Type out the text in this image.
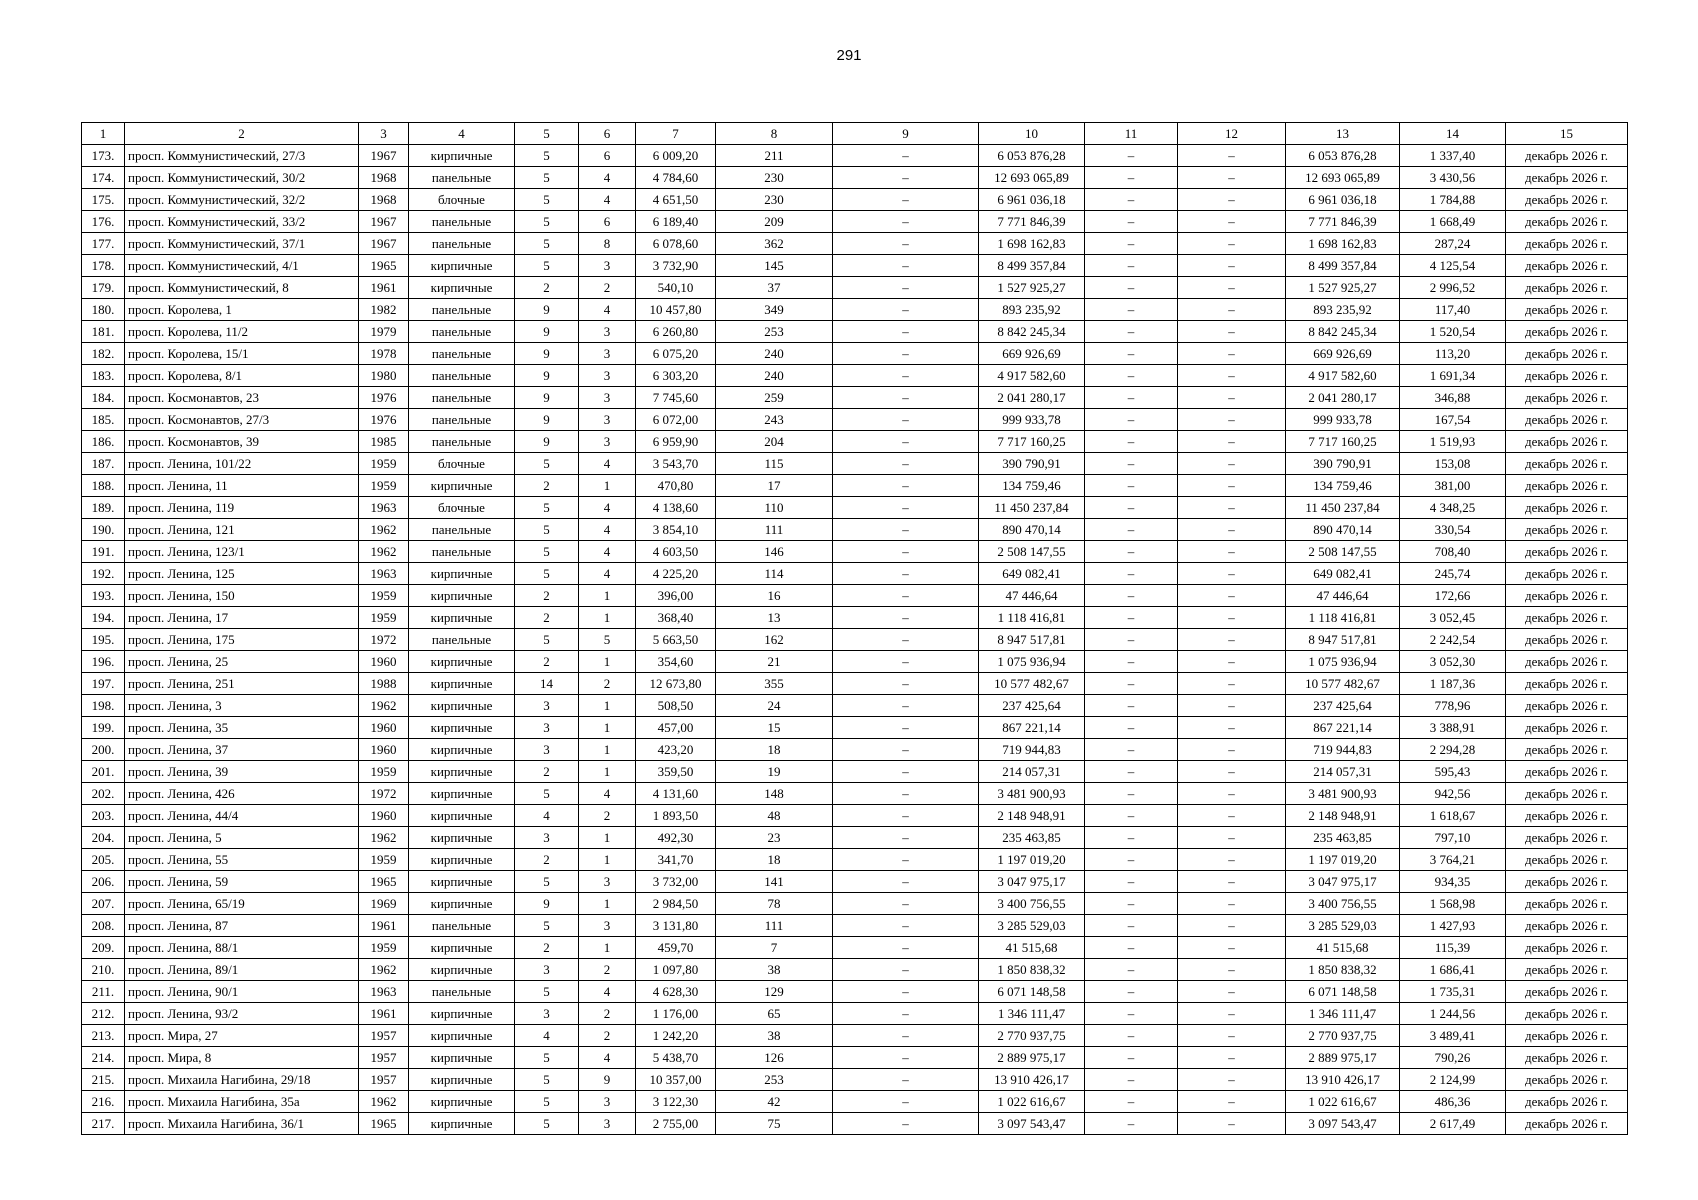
291
1	2	3	4	5	6	7	8	9	10	11	12	13	14	15
173.	просп. Коммунистический, 27/3	1967	кирпичные	5	6	6 009,20	211	–	6 053 876,28	–	–	6 053 876,28	1 337,40	декабрь 2026 г.
174.	просп. Коммунистический, 30/2	1968	панельные	5	4	4 784,60	230	–	12 693 065,89	–	–	12 693 065,89	3 430,56	декабрь 2026 г.
175.	просп. Коммунистический, 32/2	1968	блочные	5	4	4 651,50	230	–	6 961 036,18	–	–	6 961 036,18	1 784,88	декабрь 2026 г.
176.	просп. Коммунистический, 33/2	1967	панельные	5	6	6 189,40	209	–	7 771 846,39	–	–	7 771 846,39	1 668,49	декабрь 2026 г.
177.	просп. Коммунистический, 37/1	1967	панельные	5	8	6 078,60	362	–	1 698 162,83	–	–	1 698 162,83	287,24	декабрь 2026 г.
178.	просп. Коммунистический, 4/1	1965	кирпичные	5	3	3 732,90	145	–	8 499 357,84	–	–	8 499 357,84	4 125,54	декабрь 2026 г.
179.	просп. Коммунистический, 8	1961	кирпичные	2	2	540,10	37	–	1 527 925,27	–	–	1 527 925,27	2 996,52	декабрь 2026 г.
180.	просп. Королева, 1	1982	панельные	9	4	10 457,80	349	–	893 235,92	–	–	893 235,92	117,40	декабрь 2026 г.
181.	просп. Королева, 11/2	1979	панельные	9	3	6 260,80	253	–	8 842 245,34	–	–	8 842 245,34	1 520,54	декабрь 2026 г.
182.	просп. Королева, 15/1	1978	панельные	9	3	6 075,20	240	–	669 926,69	–	–	669 926,69	113,20	декабрь 2026 г.
183.	просп. Королева, 8/1	1980	панельные	9	3	6 303,20	240	–	4 917 582,60	–	–	4 917 582,60	1 691,34	декабрь 2026 г.
184.	просп. Космонавтов, 23	1976	панельные	9	3	7 745,60	259	–	2 041 280,17	–	–	2 041 280,17	346,88	декабрь 2026 г.
185.	просп. Космонавтов, 27/3	1976	панельные	9	3	6 072,00	243	–	999 933,78	–	–	999 933,78	167,54	декабрь 2026 г.
186.	просп. Космонавтов, 39	1985	панельные	9	3	6 959,90	204	–	7 717 160,25	–	–	7 717 160,25	1 519,93	декабрь 2026 г.
187.	просп. Ленина, 101/22	1959	блочные	5	4	3 543,70	115	–	390 790,91	–	–	390 790,91	153,08	декабрь 2026 г.
188.	просп. Ленина, 11	1959	кирпичные	2	1	470,80	17	–	134 759,46	–	–	134 759,46	381,00	декабрь 2026 г.
189.	просп. Ленина, 119	1963	блочные	5	4	4 138,60	110	–	11 450 237,84	–	–	11 450 237,84	4 348,25	декабрь 2026 г.
190.	просп. Ленина, 121	1962	панельные	5	4	3 854,10	111	–	890 470,14	–	–	890 470,14	330,54	декабрь 2026 г.
191.	просп. Ленина, 123/1	1962	панельные	5	4	4 603,50	146	–	2 508 147,55	–	–	2 508 147,55	708,40	декабрь 2026 г.
192.	просп. Ленина, 125	1963	кирпичные	5	4	4 225,20	114	–	649 082,41	–	–	649 082,41	245,74	декабрь 2026 г.
193.	просп. Ленина, 150	1959	кирпичные	2	1	396,00	16	–	47 446,64	–	–	47 446,64	172,66	декабрь 2026 г.
194.	просп. Ленина, 17	1959	кирпичные	2	1	368,40	13	–	1 118 416,81	–	–	1 118 416,81	3 052,45	декабрь 2026 г.
195.	просп. Ленина, 175	1972	панельные	5	5	5 663,50	162	–	8 947 517,81	–	–	8 947 517,81	2 242,54	декабрь 2026 г.
196.	просп. Ленина, 25	1960	кирпичные	2	1	354,60	21	–	1 075 936,94	–	–	1 075 936,94	3 052,30	декабрь 2026 г.
197.	просп. Ленина, 251	1988	кирпичные	14	2	12 673,80	355	–	10 577 482,67	–	–	10 577 482,67	1 187,36	декабрь 2026 г.
198.	просп. Ленина, 3	1962	кирпичные	3	1	508,50	24	–	237 425,64	–	–	237 425,64	778,96	декабрь 2026 г.
199.	просп. Ленина, 35	1960	кирпичные	3	1	457,00	15	–	867 221,14	–	–	867 221,14	3 388,91	декабрь 2026 г.
200.	просп. Ленина, 37	1960	кирпичные	3	1	423,20	18	–	719 944,83	–	–	719 944,83	2 294,28	декабрь 2026 г.
201.	просп. Ленина, 39	1959	кирпичные	2	1	359,50	19	–	214 057,31	–	–	214 057,31	595,43	декабрь 2026 г.
202.	просп. Ленина, 426	1972	кирпичные	5	4	4 131,60	148	–	3 481 900,93	–	–	3 481 900,93	942,56	декабрь 2026 г.
203.	просп. Ленина, 44/4	1960	кирпичные	4	2	1 893,50	48	–	2 148 948,91	–	–	2 148 948,91	1 618,67	декабрь 2026 г.
204.	просп. Ленина, 5	1962	кирпичные	3	1	492,30	23	–	235 463,85	–	–	235 463,85	797,10	декабрь 2026 г.
205.	просп. Ленина, 55	1959	кирпичные	2	1	341,70	18	–	1 197 019,20	–	–	1 197 019,20	3 764,21	декабрь 2026 г.
206.	просп. Ленина, 59	1965	кирпичные	5	3	3 732,00	141	–	3 047 975,17	–	–	3 047 975,17	934,35	декабрь 2026 г.
207.	просп. Ленина, 65/19	1969	кирпичные	9	1	2 984,50	78	–	3 400 756,55	–	–	3 400 756,55	1 568,98	декабрь 2026 г.
208.	просп. Ленина, 87	1961	панельные	5	3	3 131,80	111	–	3 285 529,03	–	–	3 285 529,03	1 427,93	декабрь 2026 г.
209.	просп. Ленина, 88/1	1959	кирпичные	2	1	459,70	7	–	41 515,68	–	–	41 515,68	115,39	декабрь 2026 г.
210.	просп. Ленина, 89/1	1962	кирпичные	3	2	1 097,80	38	–	1 850 838,32	–	–	1 850 838,32	1 686,41	декабрь 2026 г.
211.	просп. Ленина, 90/1	1963	панельные	5	4	4 628,30	129	–	6 071 148,58	–	–	6 071 148,58	1 735,31	декабрь 2026 г.
212.	просп. Ленина, 93/2	1961	кирпичные	3	2	1 176,00	65	–	1 346 111,47	–	–	1 346 111,47	1 244,56	декабрь 2026 г.
213.	просп. Мира, 27	1957	кирпичные	4	2	1 242,20	38	–	2 770 937,75	–	–	2 770 937,75	3 489,41	декабрь 2026 г.
214.	просп. Мира, 8	1957	кирпичные	5	4	5 438,70	126	–	2 889 975,17	–	–	2 889 975,17	790,26	декабрь 2026 г.
215.	просп. Михаила Нагибина, 29/18	1957	кирпичные	5	9	10 357,00	253	–	13 910 426,17	–	–	13 910 426,17	2 124,99	декабрь 2026 г.
216.	просп. Михаила Нагибина, 35а	1962	кирпичные	5	3	3 122,30	42	–	1 022 616,67	–	–	1 022 616,67	486,36	декабрь 2026 г.
217.	просп. Михаила Нагибина, 36/1	1965	кирпичные	5	3	2 755,00	75	–	3 097 543,47	–	–	3 097 543,47	2 617,49	декабрь 2026 г.
